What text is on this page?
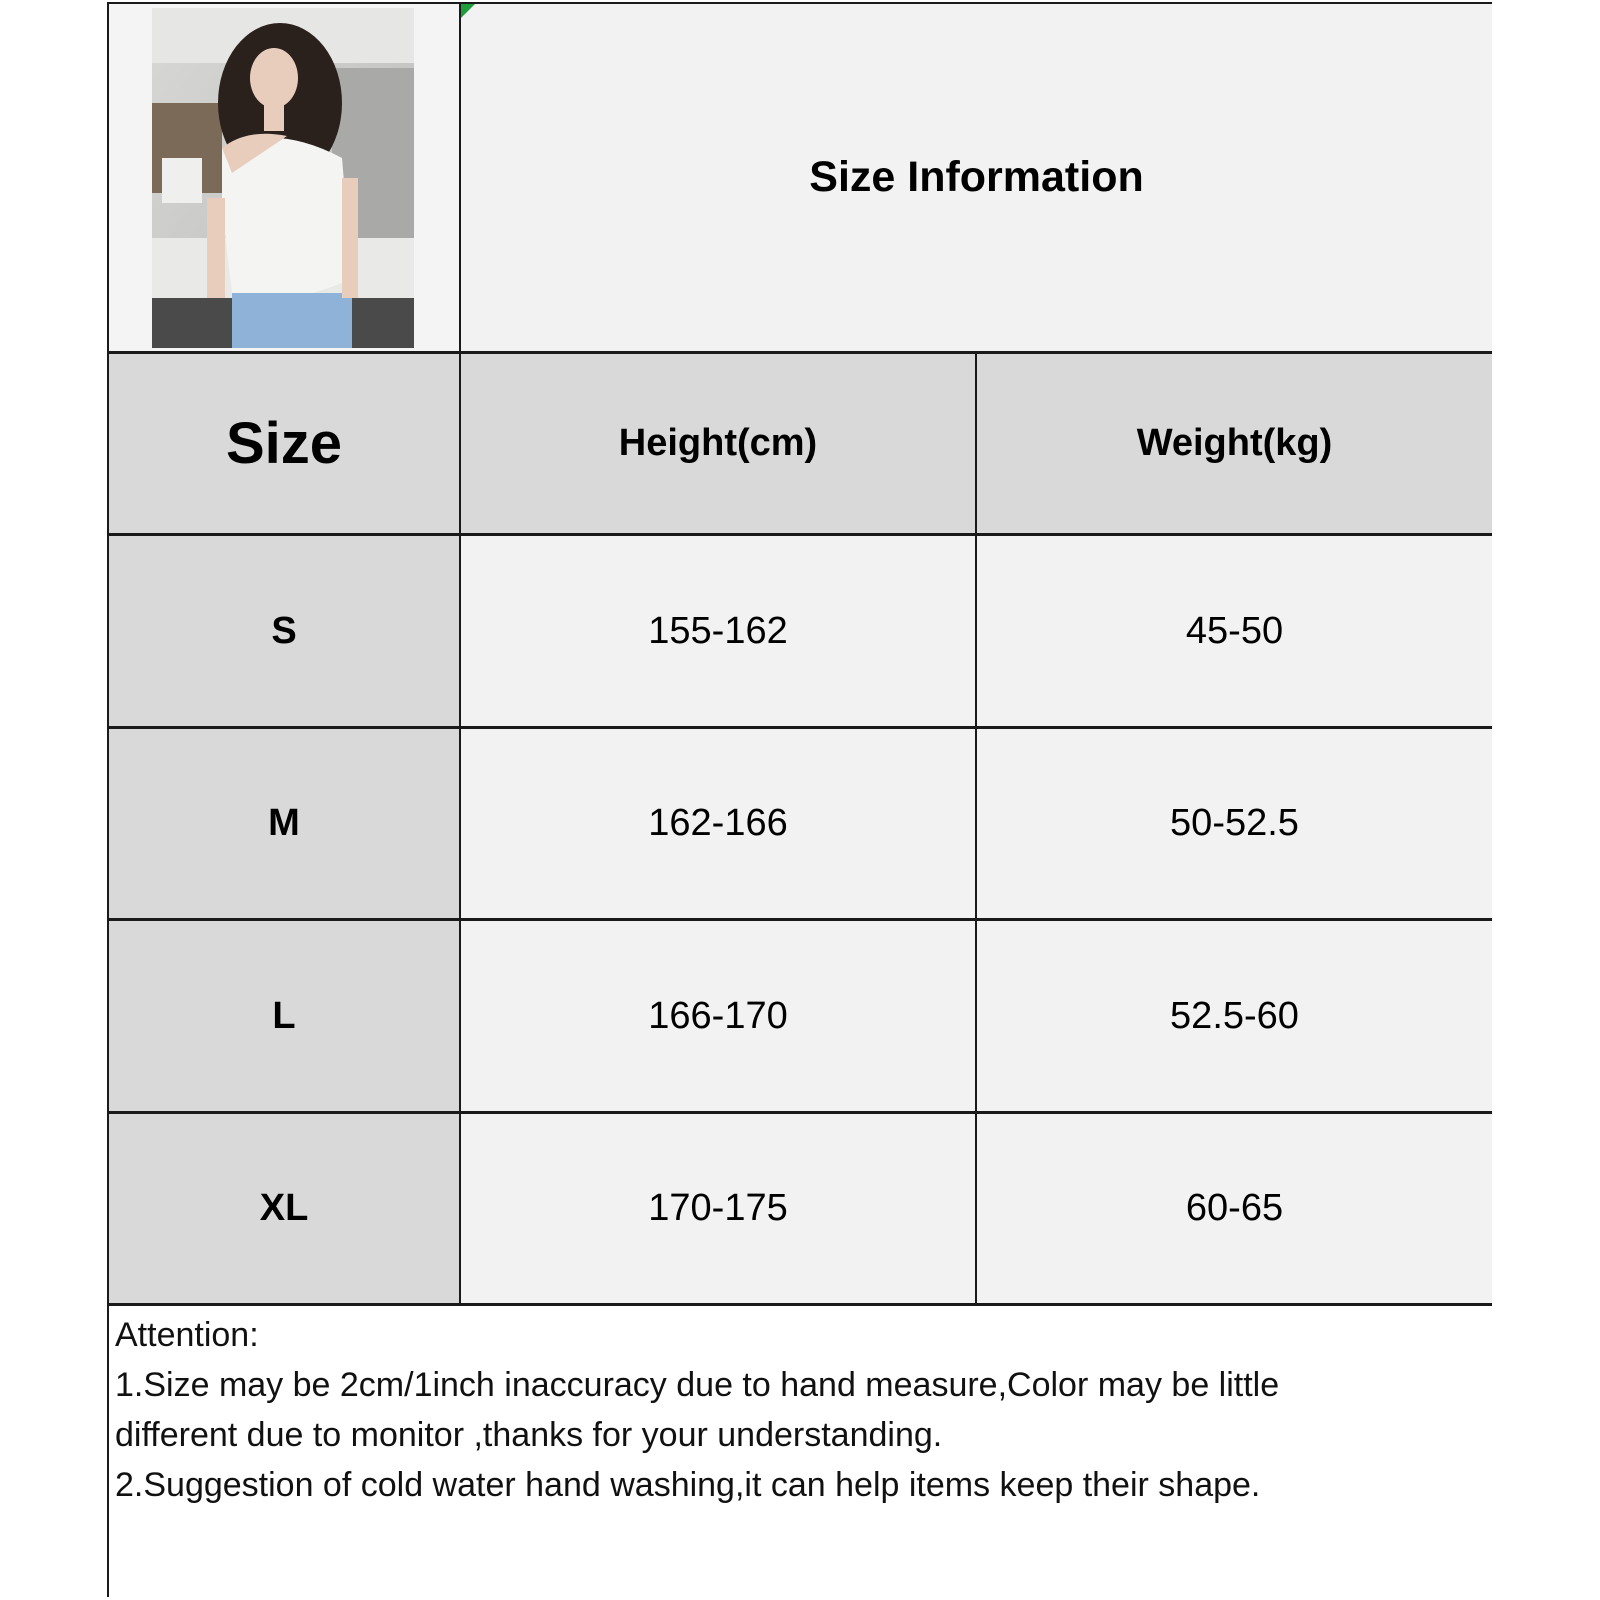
Size Information
Size	Height(cm)	Weight(kg)
S	155-162	45-50
M	162-166	50-52.5
L	166-170	52.5-60
XL	170-175	60-65
Attention:
1.Size may be 2cm/1inch inaccuracy due to hand measure,Color may be little
different due to monitor ,thanks for your understanding.
2.Suggestion of cold water hand washing,it can help items keep their shape.
